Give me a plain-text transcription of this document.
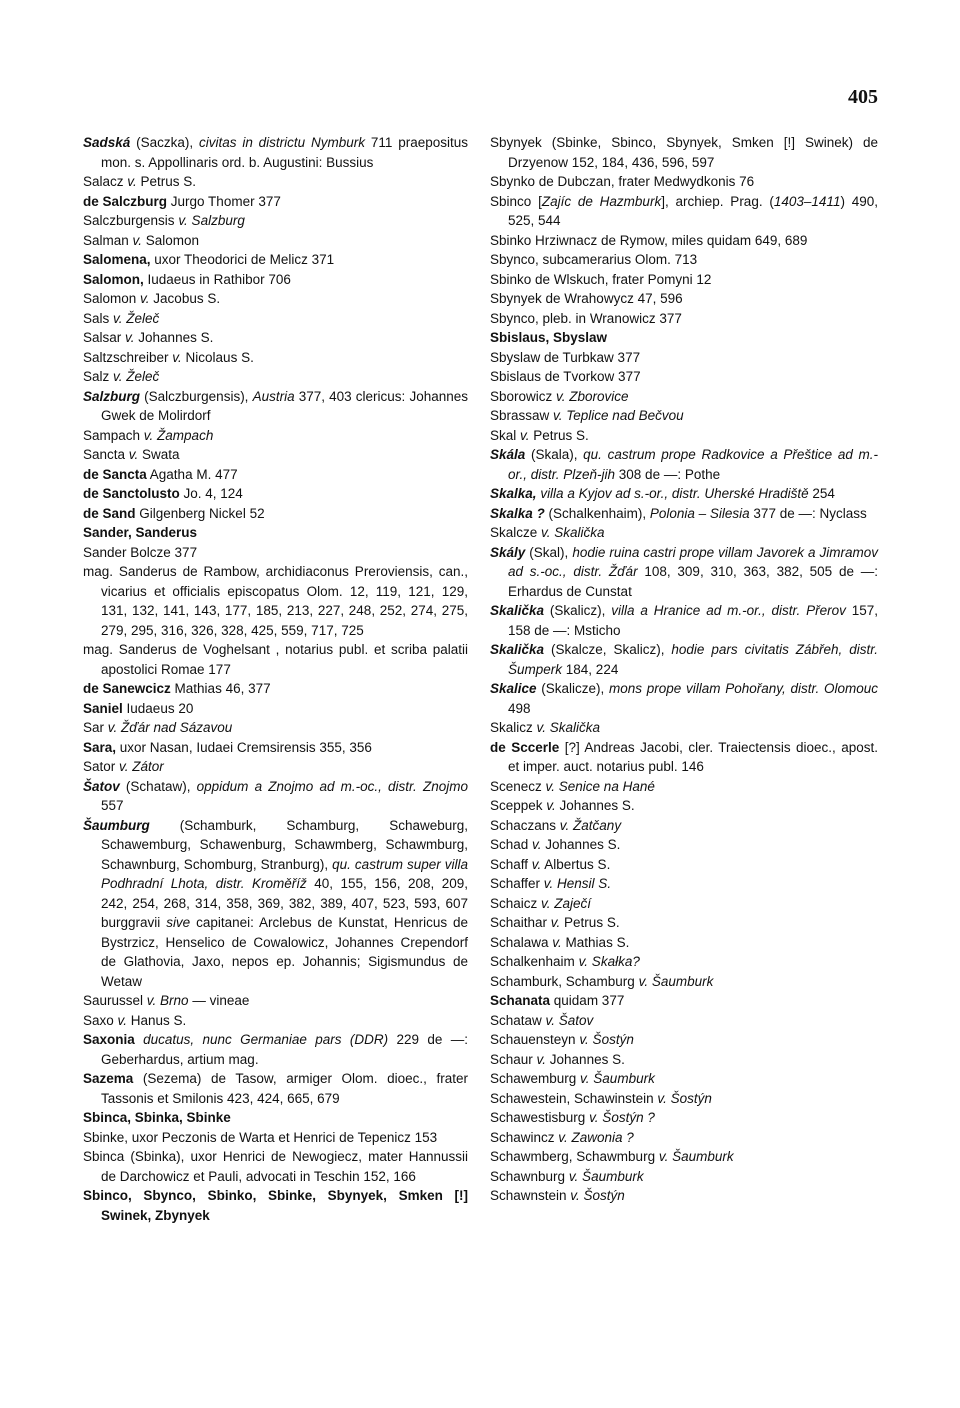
405

Sadská (Saczka), civitas in districtu Nymburk 711 praepositus mon. s. Appollinaris ord. b. Augustini: Bussius

Salacz v. Petrus S.

de Salczburg Jurgo Thomer 377

Salczburgensis v. Salzburg

Salman v. Salomon

Salomena, uxor Theodorici de Melicz 371

Salomon, Iudaeus in Rathibor 706

Salomon v. Jacobus S.

Sals v. Želeč

Salsar v. Johannes S.

Saltzschreiber v. Nicolaus S.

Salz v. Želeč

Salzburg (Salczburgensis), Austria 377, 403 clericus: Johannes Gwek de Molirdorf

Sampach v. Žampach

Sancta v. Swata

de Sancta Agatha M. 477

de Sanctolusto Jo. 4, 124

de Sand Gilgenberg Nickel 52

Sander, Sanderus

Sander Bolcze 377

mag. Sanderus de Rambow, archidiaconus Preroviensis, can., vicarius et officialis episcopatus Olom. 12, 119, 121, 129, 131, 132, 141, 143, 177, 185, 213, 227, 248, 252, 274, 275, 279, 295, 316, 326, 328, 425, 559, 717, 725

mag. Sanderus de Voghelsant , notarius publ. et scriba palatii apostolici Romae 177

de Sanewcicz Mathias 46, 377

Saniel Iudaeus 20

Sar v. Žďár nad Sázavou

Sara, uxor Nasan, Iudaei Cremsirensis 355, 356

Sator v. Zátor

Šatov (Schataw), oppidum a Znojmo ad m.-oc., distr. Znojmo 557

Šaumburg (Schamburk, Schamburg, Schaweburg, Schawemburg, Schawenburg, Schawmberg, Schawmburg, Schawnburg, Schomburg, Stranburg), qu. castrum super villa Podhradní Lhota, distr. Kroměříž 40, 155, 156, 208, 209, 242, 254, 268, 314, 358, 369, 382, 389, 407, 523, 593, 607 burggravii sive capitanei: Arclebus de Kunstat, Henricus de Bystrzicz, Henselico de Cowalowicz, Johannes Crependorf de Glathovia, Jaxo, nepos ep. Johannis; Sigismundus de Wetaw

Saurussel v. Brno — vineae

Saxo v. Hanus S.

Saxonia ducatus, nunc Germaniae pars (DDR) 229 de —: Geberhardus, artium mag.

Sazema (Sezema) de Tasow, armiger Olom. dioec., frater Tassonis et Smilonis 423, 424, 665, 679

Sbinca, Sbinka, Sbinke

Sbinke, uxor Peczonis de Warta et Henrici de Tepenicz 153

Sbinca (Sbinka), uxor Henrici de Newogiecz, mater Hannussii de Darchowicz et Pauli, advocati in Teschin 152, 166

Sbinco, Sbynco, Sbinko, Sbinke, Sbynyek, Smken [!] Swinek, Zbynyek

Sbynyek (Sbinke, Sbinco, Sbynyek, Smken [!] Swinek) de Drzyenow 152, 184, 436, 596, 597

Sbynko de Dubczan, frater Medwydkonis 76

Sbinco [Zajíc de Hazmburk], archiep. Prag. (1403–1411) 490, 525, 544

Sbinko Hrziwnacz de Rymow, miles quidam 649, 689

Sbynco, subcamerarius Olom. 713

Sbinko de Wlskuch, frater Pomyni 12

Sbynyek de Wrahowycz 47, 596

Sbynco, pleb. in Wranowicz 377

Sbislaus, Sbyslaw

Sbyslaw de Turbkaw 377

Sbislaus de Tvorkow 377

Sborowicz v. Zborovice

Sbrassaw v. Teplice nad Bečvou

Skal v. Petrus S.

Skála (Skala), qu. castrum prope Radkovice a Přeštice ad m.-or., distr. Plzeň-jih 308 de —: Pothe

Skalka, villa a Kyjov ad s.-or., distr. Uherské Hradiště 254

Skalka ? (Schalkenhaim), Polonia – Silesia 377 de —: Nyclass

Skalcze v. Skalička

Skály (Skal), hodie ruina castri prope villam Javorek a Jimramov ad s.-oc., distr. Žďár 108, 309, 310, 363, 382, 505 de —: Erhardus de Cunstat

Skalička (Skalicz), villa a Hranice ad m.-or., distr. Přerov 157, 158 de —: Msticho

Skalička (Skalcze, Skalicz), hodie pars civitatis Zábřeh, distr. Šumperk 184, 224

Skalice (Skalicze), mons prope villam Pohořany, distr. Olomouc 498

Skalicz v. Skalička

de Sccerle [?] Andreas Jacobi, cler. Traiectensis dioec., apost. et imper. auct. notarius publ. 146

Scenecz v. Senice na Hané

Sceppek v. Johannes S.

Schaczans v. Žatčany

Schad v. Johannes S.

Schaff v. Albertus S.

Schaffer v. Hensil S.

Schaicz v. Zaječí

Schaithar v. Petrus S.

Schalawa v. Mathias S.

Schalkenhaim v. Skałka?

Schamburk, Schamburg v. Šaumburk

Schanata quidam 377

Schataw v. Šatov

Schauensteyn v. Šostýn

Schaur v. Johannes S.

Schawemburg v. Šaumburk

Schawestein, Schawinstein v. Šostýn

Schawestisburg v. Šostýn ?

Schawincz v. Zawonia ?

Schawmberg, Schawmburg v. Šaumburk

Schawnburg v. Šaumburk

Schawnstein v. Šostýn
